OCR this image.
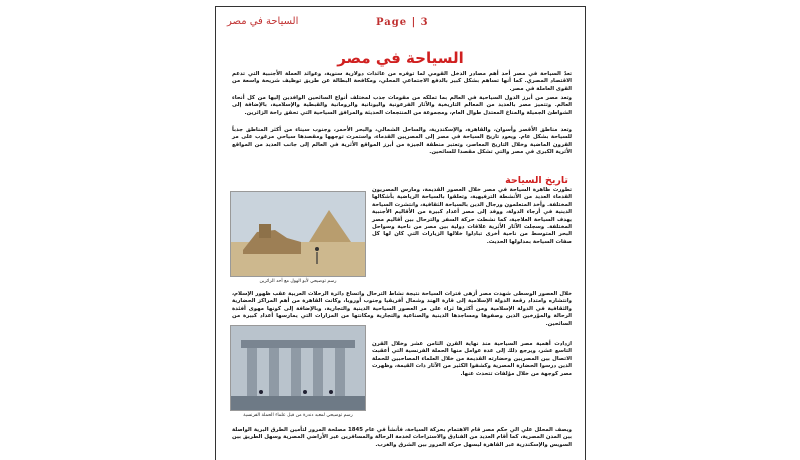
السياحة في مصر	Page | 3
السياحة في مصر
تعدّ السياحة في مصر أحد أهم مصادر الدخل القومي لما توفره من عائدات دولارية سنوية، وعوائد العملة الأجنبية التي تدعم الاقتصاد المصري. كما أنها تساهم بشكل كبير بالدفع الاجتماعي المحلي، ومكافحة البطالة عن طريق توظيف شريحة واسعة من القوى العاملة في مصر.
وتعد مصر من أبرز الدول السياحية في العالم بما تملكه من مقومات جذب لمختلف أنواع السائحين الوافدين إليها من كل أنحاء العالم. وتتميز مصر بالعديد من المعالم التاريخية والآثار الفرعونية واليونانية والرومانية والقبطية والإسلامية، بالإضافة إلى الشواطئ الجميلة والمناخ المعتدل طوال العام، ومجموعة من المنتجعات الحديثة والمرافق السياحية التي تحقق راحة الزائرين.
وتعد مناطق الأقصر وأسوان، والقاهرة، والإسكندرية، والساحل الشمالي، والبحر الأحمر، وجنوب سيناء من أكثر المناطق جذباً للسياحة بشكل عام. ويعود تاريخ السياحة في مصر إلى المصريين القدماء، واستمرت توجهها ومقصدها سياحي مرغوب على مر القرون الماضية وخلال التاريخ المعاصر، وتعتبر منطقة الجيزة من أبرز المواقع الأثرية في العالم إلى جانب العديد من المواقع الأثرية الكبرى في مصر والتي تشكل مقصدا للسائحين.
تاريخ السياحة
رسم توضيحي لأبو الهول مع أحد الزائرين
تطورت ظاهرة السياحة في مصر خلال العصور القديمة، ومارس المصريون القدماء العديد من الأنشطة الترفيهية، وتعلقوا بالسياحة الرياضية بأشكالها المختلفة. وأخذ المتعلمون ورجال الدين بالسياحة الثقافية، وانتشرت السياحة الدينية في أرجاء الدولة، ووفد إلى مصر أعداد كبيرة من الأقاليم الأجنبية يهدف السياحة العلاجية، كما نشطت حركة السفر والترحال بين أقاليم مصر المختلفة. وسجلت الآثار الأثرية علاقات دولية بين مصر من ناحية وسواحل البحر المتوسط من ناحية أخرى تبادلوا خلالها الزيارات التي كان لها كل صفات السياحة بمدلولها الحديث.
خلال العصور الوسطى شهدت مصر أزهى فترات السياحة نتيجة نشاط الترحال واتساع دائرة الرحلات العربية عقب ظهور الإسلام، وانتشاره وامتداد رقعة الدولة الإسلامية إلى قارة الهند وشمال أفريقيا وجنوب أوروبا، وكانت القاهرة من أهم المراكز الحضارية والثقافية في الدولة الإسلامية ومن أكثرها ثراء على مر العصور السياحية الدينية والتجارية، وبالإضافة إلى كونها مهوى أفئدة الرحالة والمؤرخين الذين وصفوها ومساجدها الدينية والصناعية والتجارية ومكانتها من المزارات التي يمارسها أعداد كبيرة من السائحين.
رسم توضيحي لمعبد دندرة من قبل علماء الحملة الفرنسية
ازدادت أهمية مصر السياحية منذ نهاية القرن الثامن عشر وخلال القرن التاسع عشر، ويرجع ذلك إلى عدة عوامل منها الحملة الفرنسية التي أعقبت الاتصال بين المصريين وحضارته القديمة من خلال العلماء المصاحبين للحملة الذين درسوا الحضارة المصرية وكشفوا الكثير من الآثار ذات القيمة، وظهرت مصر كوجهة من خلال مؤلفات تتحدث عنها.
ويصف المحلل علي الي حكم مصر قام الاهتمام بحركة السياحة، فأنشأ في عام 1845 مصلحة المرور لتأمين الطرق البرية الواصلة بين المدن المصرية، كما أقام العديد من الفنادق والاستراحات لخدمة الرحالة والمسافرين عبر الأراضي المصرية وسهل الطريق بين السويس والإسكندرية عبر القاهرة ليسهل حركة المرور بين الشرق والغرب.
